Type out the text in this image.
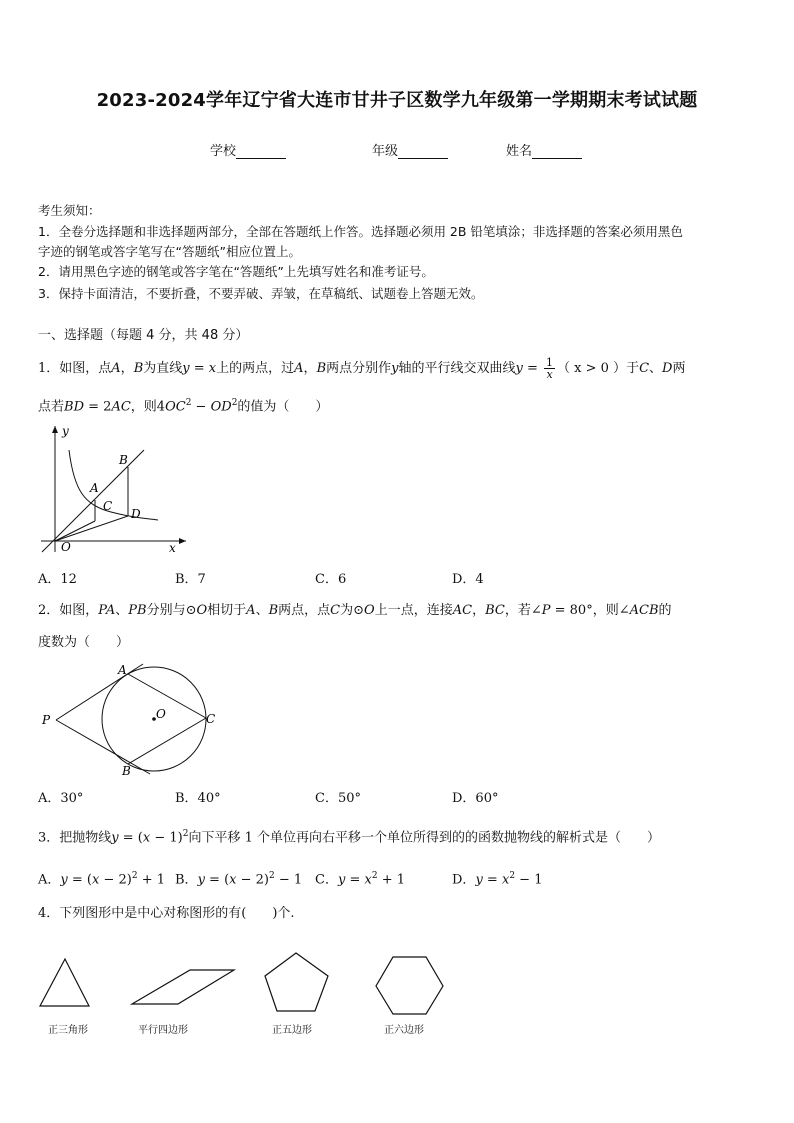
2023-2024学年辽宁省大连市甘井子区数学九年级第一学期期末考试试题
学校	年级	姓名
考生须知：
1．全卷分选择题和非选择题两部分，全部在答题纸上作答。选择题必须用 2B 铅笔填涂；非选择题的答案必须用黑色
字迹的钢笔或答字笔写在“答题纸”相应位置上。
2．请用黑色字迹的钢笔或答字笔在“答题纸”上先填写姓名和准考证号。
3．保持卡面清洁，不要折叠，不要弄破、弄皱，在草稿纸、试题卷上答题无效。
一、选择题（每题 4 分，共 48 分）
1．如图，点A，B为直线y = x上的两点，过A，B两点分别作y轴的平行线交双曲线$y = \frac{1}{x}$ （ x > 0 ）于C、D两
点若BD = 2AC，则$4OC^2 - OD^2$的值为（　　）
y
x
O
A
B
C
D
A．12	B．7	C．6	D．4
2．如图，PA、PB分别与⊙O相切于A、B两点，点C为⊙O上一点，连接AC，BC，若∠P = 80°，则∠ACB的
度数为（　　）
P
A
B
C
O
A．30°	B．40°	C．50°	D．60°
3．把抛物线$y = (x - 1)^2$向下平移 1 个单位再向右平移一个单位所得到的的函数抛物线的解析式是（　　）
A．$y = (x - 2)^2 + 1$ B．$y = (x - 2)^2 - 1$ C．$y = x^2 + 1$	D．$y = x^2 - 1$
4．下列图形中是中心对称图形的有(　　)个.
正三角形	平行四边形	正五边形	正六边形
